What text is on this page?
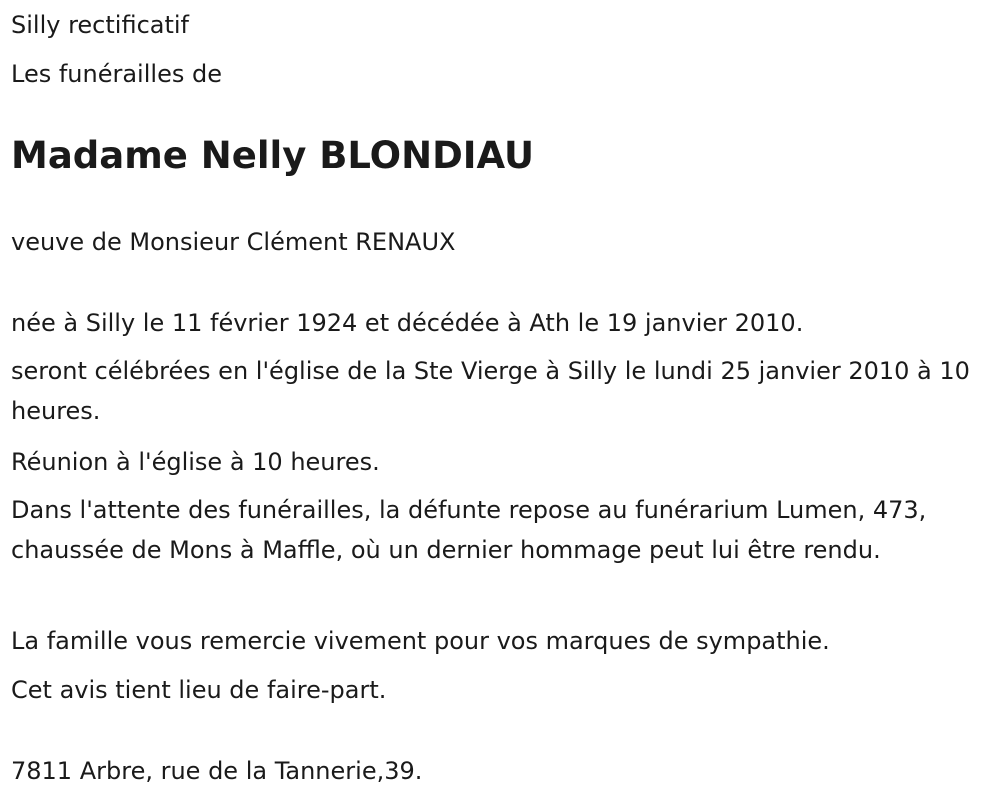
Silly rectificatif
Les funérailles de
Madame Nelly BLONDIAU
veuve de Monsieur Clément RENAUX
née à Silly le 11 février 1924 et décédée à Ath le 19 janvier 2010.
seront célébrées en l'église de la Ste Vierge à Silly le lundi 25 janvier 2010 à 10 heures.
Réunion à l'église à 10 heures.
Dans l'attente des funérailles, la défunte repose au funérarium Lumen, 473, chaussée de Mons à Maffle, où un dernier hommage peut lui être rendu.
La famille vous remercie vivement pour vos marques de sympathie.
Cet avis tient lieu de faire-part.
7811 Arbre, rue de la Tannerie,39.
